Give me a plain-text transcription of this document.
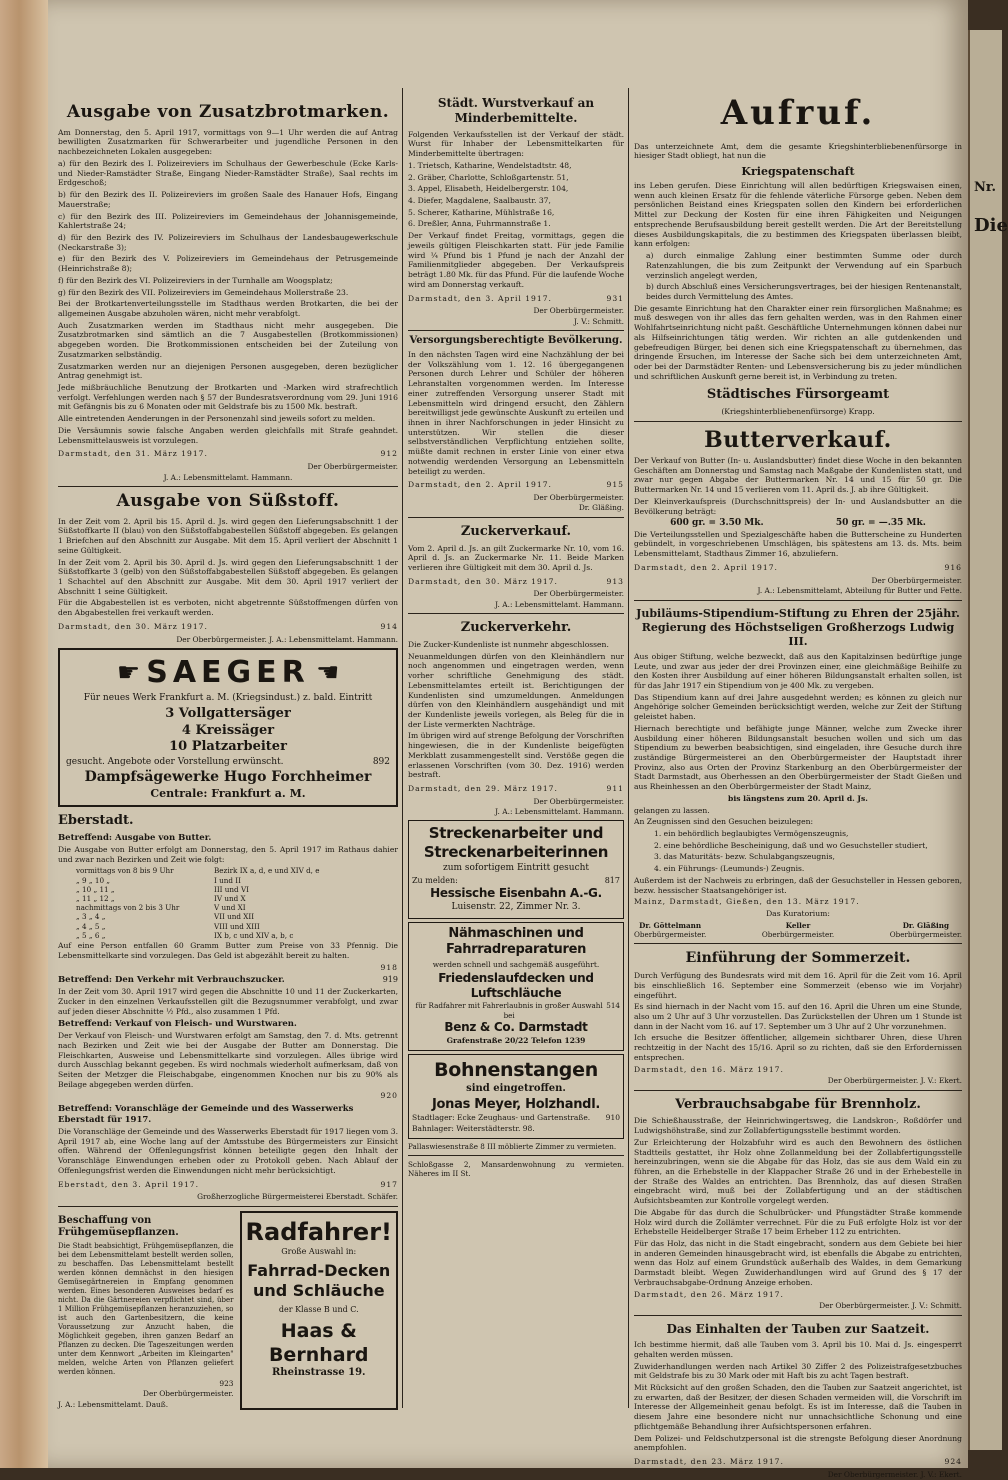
Nr.
Die
Ausgabe von Zusatzbrotmarken.

Am Donnerstag, den 5. April 1917, vormittags von 9—1 Uhr werden die auf Antrag bewilligten Zusatzmarken für Schwerarbeiter und jugendliche Personen in den nachbezeichneten Lokalen ausgegeben:

a) für den Bezirk des I. Polizeireviers im Schulhaus der Gewerbeschule (Ecke Karls- und Nieder-Ramstädter Straße, Eingang Nieder-Ramstädter Straße), Saal rechts im Erdgeschoß;

b) für den Bezirk des II. Polizeireviers im großen Saale des Hanauer Hofs, Eingang Mauerstraße;

c) für den Bezirk des III. Polizeireviers im Gemeindehaus der Johannisgemeinde, Kahlertstraße 24;

d) für den Bezirk des IV. Polizeireviers im Schulhaus der Landesbaugewerkschule (Neckarstraße 3);

e) für den Bezirk des V. Polizeireviers im Gemeindehaus der Petrusgemeinde (Heinrichstraße 8);

f) für den Bezirk des VI. Polizeireviers in der Turnhalle am Woogsplatz;

g) für den Bezirk des VII. Polizeireviers im Gemeindehaus Mollerstraße 23.

Bei der Brotkartenverteilungsstelle im Stadthaus werden Brotkarten, die bei der allgemeinen Ausgabe abzuholen wären, nicht mehr verabfolgt.

Auch Zusatzmarken werden im Stadthaus nicht mehr ausgegeben. Die Zusatzbrotmarken sind sämtlich an die 7 Ausgabestellen (Brotkommissionen) abgegeben worden. Die Brotkommissionen entscheiden bei der Zuteilung von Zusatzmarken selbständig.

Zusatzmarken werden nur an diejenigen Personen ausgegeben, deren bezüglicher Antrag genehmigt ist.

Jede mißbräuchliche Benutzung der Brotkarten und -Marken wird strafrechtlich verfolgt. Verfehlungen werden nach § 57 der Bundesratsverordnung vom 29. Juni 1916 mit Gefängnis bis zu 6 Monaten oder mit Geldstrafe bis zu 1500 Mk. bestraft.

Alle eintretenden Aenderungen in der Personenzahl sind jeweils sofort zu melden.

Die Versäumnis sowie falsche Angaben werden gleichfalls mit Strafe geahndet. Lebensmittelausweis ist vorzulegen.

Darmstadt, den 31. März 1917.	912
Der Oberbürgermeister.
J. A.: Lebensmittelamt. Hammann.
Ausgabe von Süßstoff.

In der Zeit vom 2. April bis 15. April d. Js. wird gegen den Lieferungsabschnitt 1 der Süßstoffkarte II (blau) von den Süßstoffabgabestellen Süßstoff abgegeben. Es gelangen 1 Briefchen auf den Abschnitt zur Ausgabe. Mit dem 15. April verliert der Abschnitt 1 seine Gültigkeit.

In der Zeit vom 2. April bis 30. April d. Js. wird gegen den Lieferungsabschnitt 1 der Süßstoffkarte 3 (gelb) von den Süßstoffabgabestellen Süßstoff abgegeben. Es gelangen 1 Schachtel auf den Abschnitt zur Ausgabe. Mit dem 30. April 1917 verliert der Abschnitt 1 seine Gültigkeit.

Für die Abgabestellen ist es verboten, nicht abgetrennte Süßstoffmengen dürfen von den Abgabestellen frei verkauft werden.

Darmstadt, den 30. März 1917.	914
Der Oberbürgermeister. J. A.: Lebensmittelamt. Hammann.
☛ SAEGER ☛
Für neues Werk Frankfurt a. M. (Kriegsindust.) z. bald. Eintritt
3 Vollgattersäger
4 Kreissäger
10 Platzarbeiter
gesucht. Angebote oder Vorstellung erwünscht.	892
Dampfsägewerke Hugo Forchheimer
Centrale: Frankfurt a. M.
Eberstadt.
Betreffend: Ausgabe von Butter.

Die Ausgabe von Butter erfolgt am Donnerstag, den 5. April 1917 im Rathaus dahier und zwar nach Bezirken und Zeit wie folgt:

vormittags von 8 bis 9 Uhr	Bezirk IX a, d, e und XIV d, e
„ 9 „ 10 „	I und II
„ 10 „ 11 „	III und VI
„ 11 „ 12 „	IV und X
nachmittags von 2 bis 3 Uhr	V und XI
„ 3 „ 4 „	VII und XII
„ 4 „ 5 „	VIII und XIII
„ 5 „ 6 „	IX b, c und XIV a, b, c

Auf eine Person entfallen 60 Gramm Butter zum Preise von 33 Pfennig. Die Lebensmittelkarte sind vorzulegen. Das Geld ist abgezählt bereit zu halten.

918
Betreffend: Den Verkehr mit Verbrauchszucker.	919

In der Zeit vom 30. April 1917 wird gegen die Abschnitte 10 und 11 der Zuckerkarten, Zucker in den einzelnen Verkaufsstellen gilt die Bezugsnummer verabfolgt, und zwar auf jeden dieser Abschnitte ½ Pfd., also zusammen 1 Pfd.

Betreffend: Verkauf von Fleisch- und Wurstwaren.

Der Verkauf von Fleisch- und Wurstwaren erfolgt am Samstag, den 7. d. Mts. getrennt nach Bezirken und Zeit wie bei der Ausgabe der Butter am Donnerstag. Die Fleischkarten, Ausweise und Lebensmittelkarte sind vorzulegen. Alles übrige wird durch Ausschlag bekannt gegeben. Es wird nochmals wiederholt aufmerksam, daß von Seiten der Metzger die Fleischabgabe, eingenommen Knochen nur bis zu 90% als Beilage abgegeben werden dürfen.

920
Betreffend: Voranschläge der Gemeinde und des Wasserwerks Eberstadt für 1917.

Die Voranschläge der Gemeinde und des Wasserwerks Eberstadt für 1917 liegen vom 3. April 1917 ab, eine Woche lang auf der Amtsstube des Bürgermeisters zur Einsicht offen. Während der Offenlegungsfrist können beteiligte gegen den Inhalt der Voranschläge Einwendungen erheben oder zu Protokoll geben. Nach Ablauf der Offenlegungsfrist werden die Einwendungen nicht mehr berücksichtigt.

Eberstadt, den 3. April 1917.	917
Großherzogliche Bürgermeisterei Eberstadt. Schäfer.
Beschaffung von Frühgemüsepflanzen.

Die Stadt beabsichtigt, Frühgemüsepflanzen, die bei dem Lebensmittelamt bestellt werden sollen, zu beschaffen. Das Lebensmittelamt bestellt werden können demnächst in den hiesigen Gemüsegärtnereien in Empfang genommen werden. Eines besonderen Ausweises bedarf es nicht. Da die Gärtnereien verpflichtet sind, über 1 Million Frühgemüsepflanzen heranzuziehen, so ist auch den Gartenbesitzern, die keine Voraussetzung zur Anzucht haben, die Möglichkeit gegeben, ihren ganzen Bedarf an Pflanzen zu decken. Die Tageszeitungen werden unter dem Kennwort „Arbeiten im Kleingarten" melden, welche Arten von Pflanzen geliefert werden können.

923
Der Oberbürgermeister.
J. A.: Lebensmittelamt. Dauß.
Radfahrer!
Große Auswahl in:
Fahrrad-Decken und Schläuche
der Klasse B und C.
Haas & Bernhard
Rheinstrasse 19.
Städt. Wurstverkauf an Minderbemittelte.

Folgenden Verkaufsstellen ist der Verkauf der städt. Wurst für Inhaber der Lebensmittelkarten für Minderbemittelte übertragen:

1. Trietsch, Katharine, Wendelstadtstr. 48,

2. Gräber, Charlotte, Schloßgartenstr. 51,

3. Appel, Elisabeth, Heidelbergerstr. 104,

4. Diefer, Magdalene, Saalbaustr. 37,

5. Scherer, Katharine, Mühlstraße 16,

6. Dreßler, Anna, Fuhrmannstraße 1.

Der Verkauf findet Freitag, vormittags, gegen die jeweils gültigen Fleischkarten statt. Für jede Familie wird ¼ Pfund bis 1 Pfund je nach der Anzahl der Familienmitglieder abgegeben. Der Verkaufspreis beträgt 1.80 Mk. für das Pfund. Für die laufende Woche wird am Donnerstag verkauft.

Darmstadt, den 3. April 1917.	931
Der Oberbürgermeister.
J. V.: Schmitt.
Versorgungsberechtigte Bevölkerung.

In den nächsten Tagen wird eine Nachzählung der bei der Volkszählung vom 1. 12. 16 übergegangenen Personen durch Lehrer und Schüler der höheren Lehranstalten vorgenommen werden. Im Interesse einer zutreffenden Versorgung unserer Stadt mit Lebensmitteln wird dringend ersucht, den Zählern bereitwilligst jede gewünschte Auskunft zu erteilen und ihnen in ihrer Nachforschungen in jeder Hinsicht zu unterstützen. Wir stellen die dieser selbstverständlichen Verpflichtung entziehen sollte, müßte damit rechnen in erster Linie von einer etwa notwendig werdenden Versorgung an Lebensmitteln beteiligt zu werden.

Darmstadt, den 2. April 1917.	915
Der Oberbürgermeister.
Dr. Gläßing.
Zuckerverkauf.

Vom 2. April d. Js. an gilt Zuckermarke Nr. 10, vom 16. April d. Js. an Zuckermarke Nr. 11. Beide Marken verlieren ihre Gültigkeit mit dem 30. April d. Js.

Darmstadt, den 30. März 1917.	913
Der Oberbürgermeister.
J. A.: Lebensmittelamt. Hammann.
Zuckerverkehr.

Die Zucker-Kundenliste ist nunmehr abgeschlossen.

Neuanmeldungen dürfen von den Kleinhändlern nur noch angenommen und eingetragen werden, wenn vorher schriftliche Genehmigung des städt. Lebensmittelamtes erteilt ist. Berichtigungen der Kundenlisten sind umzumeldungen. Anmeldungen dürfen von den Kleinhändlern ausgehändigt und mit der Kundenliste jeweils vorlegen, als Beleg für die in der Liste vermerkten Nachträge.

Im übrigen wird auf strenge Befolgung der Vorschriften hingewiesen, die in der Kundenliste beigefügten Merkblatt zusammengestellt sind. Verstöße gegen die erlassenen Vorschriften (vom 30. Dez. 1916) werden bestraft.

Darmstadt, den 29. März 1917.	911
Der Oberbürgermeister.
J. A.: Lebensmittelamt. Hammann.
Streckenarbeiter und Streckenarbeiterinnen
zum sofortigem Eintritt gesucht
Zu melden:	817
Hessische Eisenbahn A.-G.
Luisenstr. 22, Zimmer Nr. 3.
Nähmaschinen und Fahrradreparaturen
werden schnell und sachgemäß ausgeführt.
Friedenslaufdecken und Luftschläuche
für Radfahrer mit Fahrerlaubnis in großer Auswahl bei
514
Benz & Co. Darmstadt
Grafenstraße 20/22 Telefon 1239
Bohnenstangen
sind eingetroffen.
Jonas Meyer, Holzhandl.
Stadtlager: Ecke Zeughaus- und Gartenstraße. 910
Bahnlager: Weiterstädterstr. 98.

Pallaswiesenstraße 8 III möblierte Zimmer zu vermieten.

Schloßgasse 2, Mansardenwohnung zu vermieten. Näheres im II St.

Aufruf.

Das unterzeichnete Amt, dem die gesamte Kriegshinterbliebenenfürsorge in hiesiger Stadt obliegt, hat nun die

Kriegspatenschaft

ins Leben gerufen. Diese Einrichtung will allen bedürftigen Kriegswaisen einen, wenn auch kleinen Ersatz für die fehlende väterliche Fürsorge geben. Neben dem persönlichen Beistand eines Kriegspaten sollen den Kindern bei erforderlichen Mittel zur Deckung der Kosten für eine ihren Fähigkeiten und Neigungen entsprechende Berufsausbildung bereit gestellt werden. Die Art der Bereitstellung dieses Ausbildungskapitals, die zu bestimmen des Kriegspaten überlassen bleibt, kann erfolgen:

a) durch einmalige Zahlung einer bestimmten Summe oder durch Ratenzahlungen, die bis zum Zeitpunkt der Verwendung auf ein Sparbuch verzinslich angelegt werden,

b) durch Abschluß eines Versicherungsvertrages, bei der hiesigen Rentenanstalt, beides durch Vermittelung des Amtes.

Die gesamte Einrichtung hat den Charakter einer rein fürsorglichen Maßnahme; es muß deswegen von ihr alles das fern gehalten werden, was in den Rahmen einer Wohlfahrtseinrichtung nicht paßt. Geschäftliche Unternehmungen können dabei nur als Hilfseinrichtungen tätig werden. Wir richten an alle gutdenkenden und gebefreudigen Bürger, bei denen sich eine Kriegspatenschaft zu übernehmen, das dringende Ersuchen, im Interesse der Sache sich bei dem unterzeichneten Amt, oder bei der Darmstädter Renten- und Lebensversicherung bis zu jeder mündlichen und schriftlichen Auskunft gerne bereit ist, in Verbindung zu treten.

Städtisches Fürsorgeamt
(Kriegshinterbliebenenfürsorge) Krapp.
Butterverkauf.

Der Verkauf von Butter (In- u. Auslandsbutter) findet diese Woche in den bekannten Geschäften am Donnerstag und Samstag nach Maßgabe der Kundenlisten statt, und zwar nur gegen Abgabe der Buttermarken Nr. 14 und 15 für 50 gr. Die Buttermarken Nr. 14 und 15 verlieren vom 11. April ds. J. ab ihre Gültigkeit.

Der Kleinverkaufspreis (Durchschnittspreis) der In- und Auslandsbutter an die Bevölkerung beträgt:

600 gr. = 3.50 Mk.	50 gr. = —.35 Mk.

Die Verteilungsstellen und Spezialgeschäfte haben die Butterscheine zu Hunderten gebündelt, in vorgeschriebenen Umschlägen, bis spätestens am 13. ds. Mts. beim Lebensmittelamt, Stadthaus Zimmer 16, abzuliefern.

Darmstadt, den 2. April 1917.	916
Der Oberbürgermeister.
J. A.: Lebensmittelamt, Abteilung für Butter und Fette.
Jubiläums-Stipendium-Stiftung zu Ehren der 25jähr. Regierung des Höchstseligen Großherzogs Ludwig III.

Aus obiger Stiftung, welche bezweckt, daß aus den Kapitalzinsen bedürftige junge Leute, und zwar aus jeder der drei Provinzen einer, eine gleichmäßige Beihilfe zu den Kosten ihrer Ausbildung auf einer höheren Bildungsanstalt erhalten sollen, ist für das Jahr 1917 ein Stipendium von je 400 Mk. zu vergeben.

Das Stipendium kann auf drei Jahre ausgedehnt werden; es können zu gleich nur Angehörige solcher Gemeinden berücksichtigt werden, welche zur Zeit der Stiftung geleistet haben.

Hiernach berechtigte und befähigte junge Männer, welche zum Zwecke ihrer Ausbildung einer höheren Bildungsanstalt besuchen wollen und sich um das Stipendium zu bewerben beabsichtigen, sind eingeladen, ihre Gesuche durch ihre zuständige Bürgermeisterei an den Oberbürgermeister der Hauptstadt ihrer Provinz, also aus Orten der Provinz Starkenburg an den Oberbürgermeister der Stadt Darmstadt, aus Oberhessen an den Oberbürgermeister der Stadt Gießen und aus Rheinhessen an den Oberbürgermeister der Stadt Mainz,

bis längstens zum 20. April d. Js.

gelangen zu lassen.

An Zeugnissen sind den Gesuchen beizulegen:

1. ein behördlich beglaubigtes Vermögenszeugnis,

2. eine behördliche Bescheinigung, daß und wo Gesuchsteller studiert,

3. das Maturitäts- bezw. Schulabgangszeugnis,

4. ein Führungs- (Leumunds-) Zeugnis.

Außerdem ist der Nachweis zu erbringen, daß der Gesuchsteller in Hessen geboren, bezw. hessischer Staatsangehöriger ist.

Mainz, Darmstadt, Gießen, den 13. März 1917.
Das Kuratorium:
Dr. Göttelmann
Oberbürgermeister.
Keller
Oberbürgermeister.
Dr. Gläßing
Oberbürgermeister.
Einführung der Sommerzeit.

Durch Verfügung des Bundesrats wird mit dem 16. April für die Zeit vom 16. April bis einschließlich 16. September eine Sommerzeit (ebenso wie im Vorjahr) eingeführt.

Es sind hiernach in der Nacht vom 15. auf den 16. April die Uhren um eine Stunde, also um 2 Uhr auf 3 Uhr vorzustellen. Das Zurückstellen der Uhren um 1 Stunde ist dann in der Nacht vom 16. auf 17. September um 3 Uhr auf 2 Uhr vorzunehmen.

Ich ersuche die Besitzer öffentlicher, allgemein sichtbarer Uhren, diese Uhren rechtzeitig in der Nacht des 15/16. April so zu richten, daß sie den Erfordernissen entsprechen.

Darmstadt, den 16. März 1917.
Der Oberbürgermeister. J. V.: Ekert.
Verbrauchsabgabe für Brennholz.

Die Schießhausstraße, der Heinrichwingertsweg, die Landskron-, Roßdörfer und Ludwigshöhstraße, sind zur Zollabfertigungsstelle bestimmt worden.

Zur Erleichterung der Holzabfuhr wird es auch den Bewohnern des östlichen Stadtteils gestattet, ihr Holz ohne Zollanmeldung bei der Zollabfertigungsstelle hereinzubringen, wenn sie die Abgabe für das Holz, das sie aus dem Wald ein zu führen, an die Erhebstelle in der Klappacher Straße 26 und in der Erhebestelle in der Straße des Waldes an entrichten. Das Brennholz, das auf diesen Straßen eingebracht wird, muß bei der Zollabfertigung und an der städtischen Aufsichtsbeamten zur Kontrolle vorgelegt werden.

Die Abgabe für das durch die Schulbrücker- und Pfungstädter Straße kommende Holz wird durch die Zollämter verrechnet. Für die zu Fuß erfolgte Holz ist vor der Erhebstelle Heidelberger Straße 17 beim Erheber 112 zu entrichten.

Für das Holz, das nicht in die Stadt eingebracht, sondern aus dem Gebiete bei hier in anderen Gemeinden hinausgebracht wird, ist ebenfalls die Abgabe zu entrichten, wenn das Holz auf einem Grundstück außerhalb des Waldes, in dem Gemarkung Darmstadt bleibt. Wegen Zuwiderhandlungen wird auf Grund des § 17 der Verbrauchsabgabe-Ordnung Anzeige erhoben.

Darmstadt, den 26. März 1917.
Der Oberbürgermeister. J. V.: Schmitt.
Das Einhalten der Tauben zur Saatzeit.

Ich bestimme hiermit, daß alle Tauben vom 3. April bis 10. Mai d. Js. eingesperrt gehalten werden müssen.

Zuwiderhandlungen werden nach Artikel 30 Ziffer 2 des Polizeistrafgesetzbuches mit Geldstrafe bis zu 30 Mark oder mit Haft bis zu acht Tagen bestraft.

Mit Rücksicht auf den großen Schaden, den die Tauben zur Saatzeit angerichtet, ist zu erwarten, daß der Besitzer, der diesen Schaden vermeiden will, die Vorschrift im Interesse der Allgemeinheit genau befolgt. Es ist im Interesse, daß die Tauben in diesem Jahre eine besondere nicht nur unnachsichtliche Schonung und eine pflichtgemäße Behandlung ihrer Aufsichtspersonen erfahren.

Dem Polizei- und Feldschutzpersonal ist die strengste Befolgung dieser Anordnung anempfohlen.

Darmstadt, den 23. März 1917.	924
Der Oberbürgermeister. J. V.: Ekert.
